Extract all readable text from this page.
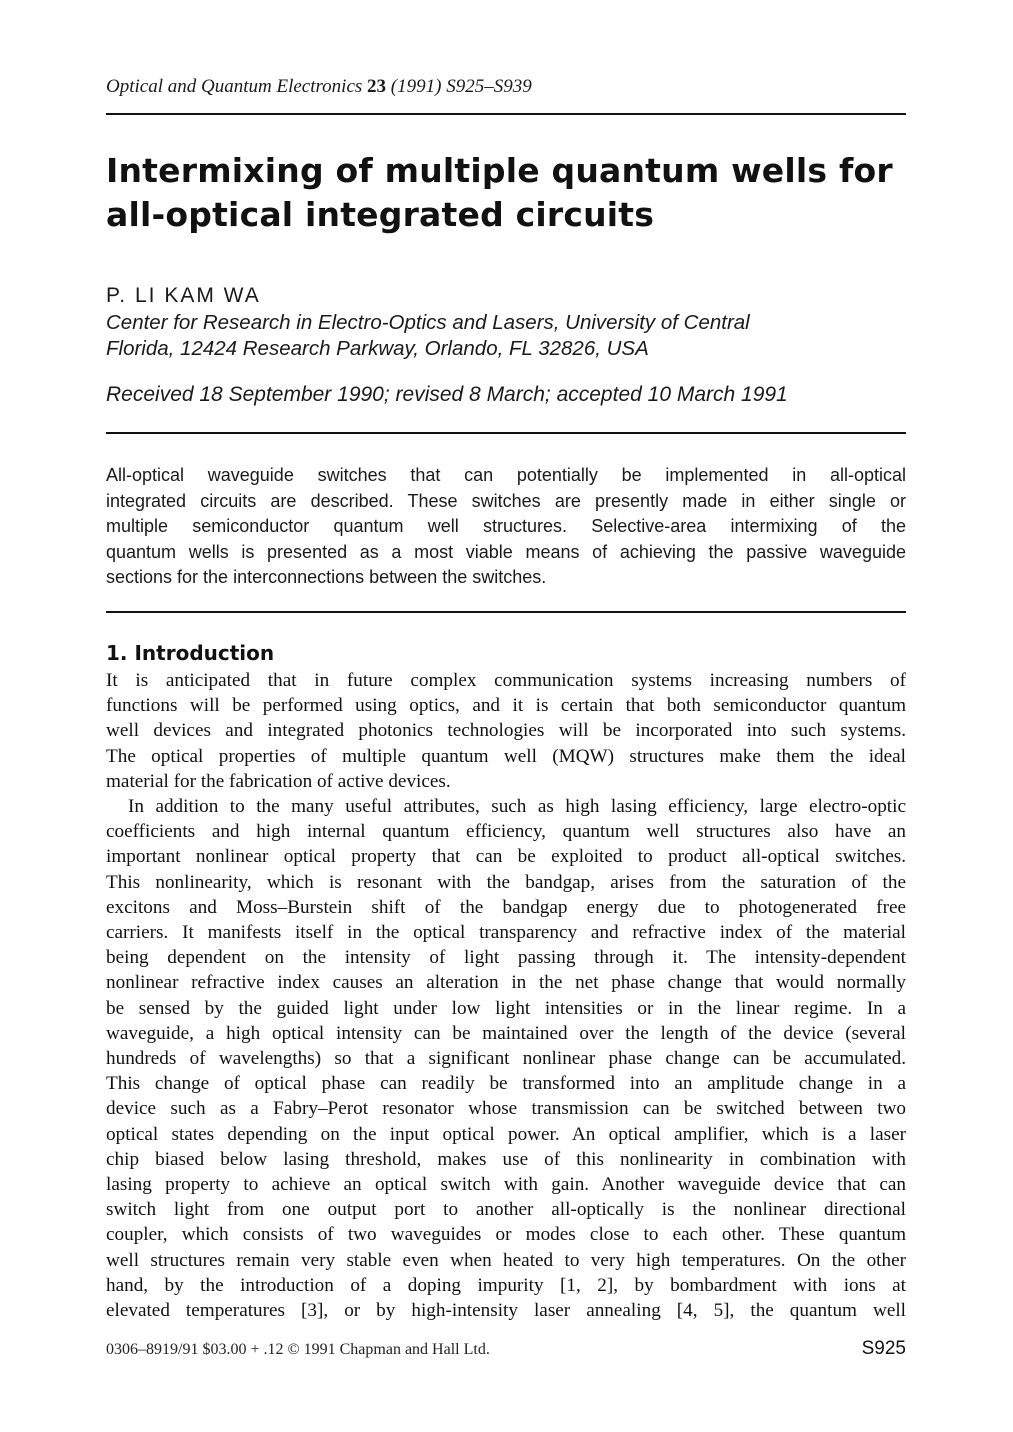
Optical and Quantum Electronics 23 (1991) S925–S939
Intermixing of multiple quantum wells for
all-optical integrated circuits

P. LI KAM WA

Center for Research in Electro-Optics and Lasers, University of Central
Florida, 12424 Research Parkway, Orlando, FL 32826, USA

Received 18 September 1990; revised 8 March; accepted 10 March 1991

All-optical waveguide switches that can potentially be implemented in all-optical
integrated circuits are described. These switches are presently made in either single or
multiple semiconductor quantum well structures. Selective-area intermixing of the
quantum wells is presented as a most viable means of achieving the passive waveguide
sections for the interconnections between the switches.
1. Introduction
It is anticipated that in future complex communication systems increasing numbers of
functions will be performed using optics, and it is certain that both semiconductor quantum
well devices and integrated photonics technologies will be incorporated into such systems.
The optical properties of multiple quantum well (MQW) structures make them the ideal
material for the fabrication of active devices.
In addition to the many useful attributes, such as high lasing efficiency, large electro-optic
coefficients and high internal quantum efficiency, quantum well structures also have an
important nonlinear optical property that can be exploited to product all-optical switches.
This nonlinearity, which is resonant with the bandgap, arises from the saturation of the
excitons and Moss–Burstein shift of the bandgap energy due to photogenerated free
carriers. It manifests itself in the optical transparency and refractive index of the material
being dependent on the intensity of light passing through it. The intensity-dependent
nonlinear refractive index causes an alteration in the net phase change that would normally
be sensed by the guided light under low light intensities or in the linear regime. In a
waveguide, a high optical intensity can be maintained over the length of the device (several
hundreds of wavelengths) so that a significant nonlinear phase change can be accumulated.
This change of optical phase can readily be transformed into an amplitude change in a
device such as a Fabry–Perot resonator whose transmission can be switched between two
optical states depending on the input optical power. An optical amplifier, which is a laser
chip biased below lasing threshold, makes use of this nonlinearity in combination with
lasing property to achieve an optical switch with gain. Another waveguide device that can
switch light from one output port to another all-optically is the nonlinear directional
coupler, which consists of two waveguides or modes close to each other. These quantum
well structures remain very stable even when heated to very high temperatures. On the other
hand, by the introduction of a doping impurity [1, 2], by bombardment with ions at
elevated temperatures [3], or by high-intensity laser annealing [4, 5], the quantum well
0306–8919/91 $03.00 + .12 © 1991 Chapman and Hall Ltd.	S925
